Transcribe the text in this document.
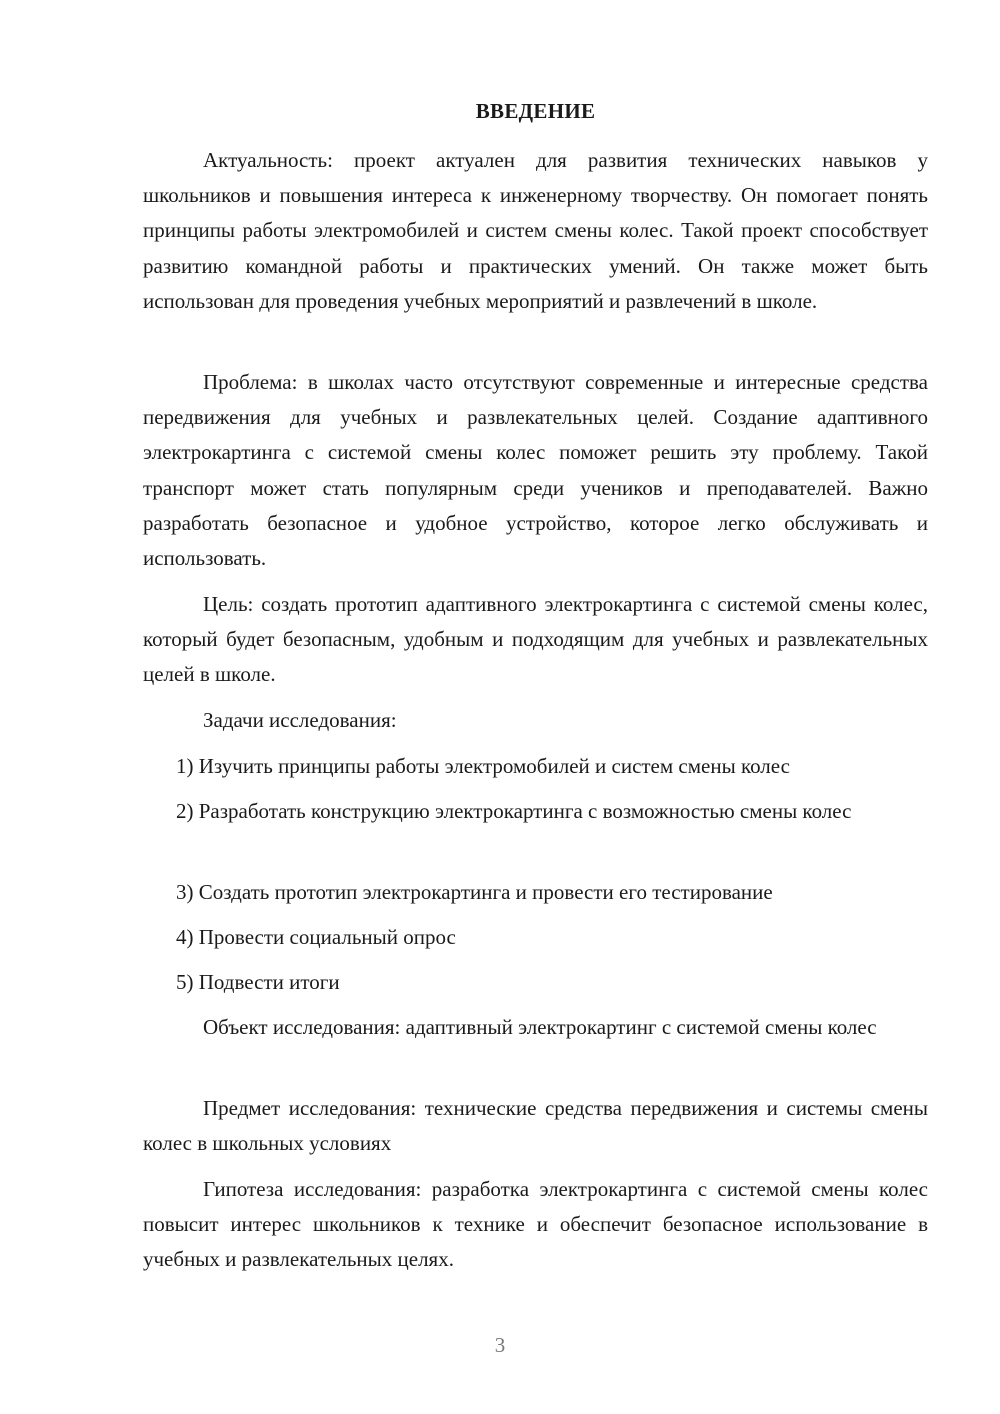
ВВЕДЕНИЕ

Актуальность: проект актуален для развития технических навыков у школьников и повышения интереса к инженерному творчеству. Он помогает понять принципы работы электромобилей и систем смены колес. Такой проект способствует развитию командной работы и практических умений. Он также может быть использован для проведения учебных мероприятий и развлечений в школе.

Проблема: в школах часто отсутствуют современные и интересные средства передвижения для учебных и развлекательных целей. Создание адаптивного электрокартинга с системой смены колес поможет решить эту проблему. Такой транспорт может стать популярным среди учеников и преподавателей. Важно разработать безопасное и удобное устройство, которое легко обслуживать и использовать.

Цель: создать прототип адаптивного электрокартинга с системой смены колес, который будет безопасным, удобным и подходящим для учебных и развлекательных целей в школе.

Задачи исследования:

1) Изучить принципы работы электромобилей и систем смены колес

2) Разработать конструкцию электрокартинга с возможностью смены колес

3) Создать прототип электрокартинга и провести его тестирование

4) Провести социальный опрос

5) Подвести итоги

Объект исследования: адаптивный электрокартинг с системой смены колес

Предмет исследования: технические средства передвижения и системы смены колес в школьных условиях

Гипотеза исследования: разработка электрокартинга с системой смены колес повысит интерес школьников к технике и обеспечит безопасное использование в учебных и развлекательных целях.

3
